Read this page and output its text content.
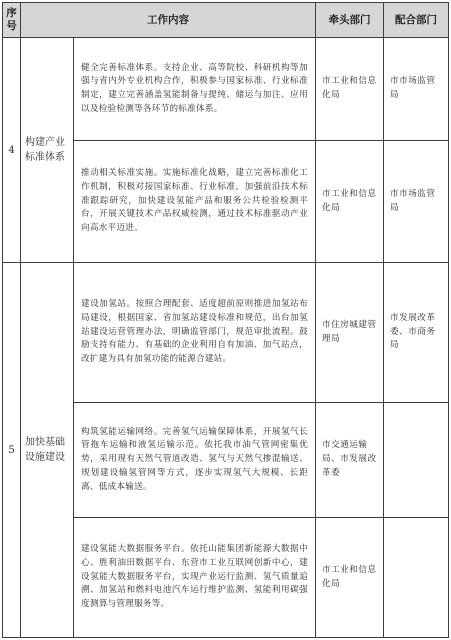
序号	工作内容		牵头部门	配合部门
4	构建产业标准体系	健全完善标准体系。支持企业、高等院校、科研机构等加强与省内外专业机构合作，积极参与国家标准、行业标准制定，建立完善涵盖氢能制备与提纯、储运与加注、应用以及检验检测等各环节的标准体系。	市工业和信息化局	市市场监管局
		推动相关标准实施。实施标准化战略，建立完善标准化工作机制，积极对接国家标准、行业标准，加强前沿技术标准跟踪研究，加快建设氢能产品和服务公共检验检测平台，开展关键技术产品权威检测，通过技术标准驱动产业向高水平迈进。	市工业和信息化局	市市场监管局
5	加快基础设施建设	建设加氢站。按照合理配套、适度超前原则推进加氢站布局建设，根据国家、省加氢站建设标准和规范，出台加氢站建设运营管理办法，明确监管部门，规范审批流程。鼓励支持有能力、有基础的企业利用自有加油、加气站点，改扩建为具有加氢功能的能源合建站。	市住房城建管理局	市发展改革委、市商务局
		构筑氢能运输网络。完善氢气运输保障体系，开展氢气长管拖车运输和液氢运输示范。依托我市油气管网密集优势，采用现有天然气管道改造、氢气与天然气掺混输送、规划建设输氢管网等方式，逐步实现氢气大规模、长距离、低成本输送。	市交通运输局、市发展改革委	
		建设氢能大数据服务平台。依托山能集团新能源大数据中心、胜利油田数据平台、东营市工业互联网创新中心，建设氢能大数据服务平台，实现产业运行监测、氢气质量追溯、加氢站和燃料电池汽车运行维护监测、氢能利用碳强度测算与管理服务等。	市工业和信息化局	
